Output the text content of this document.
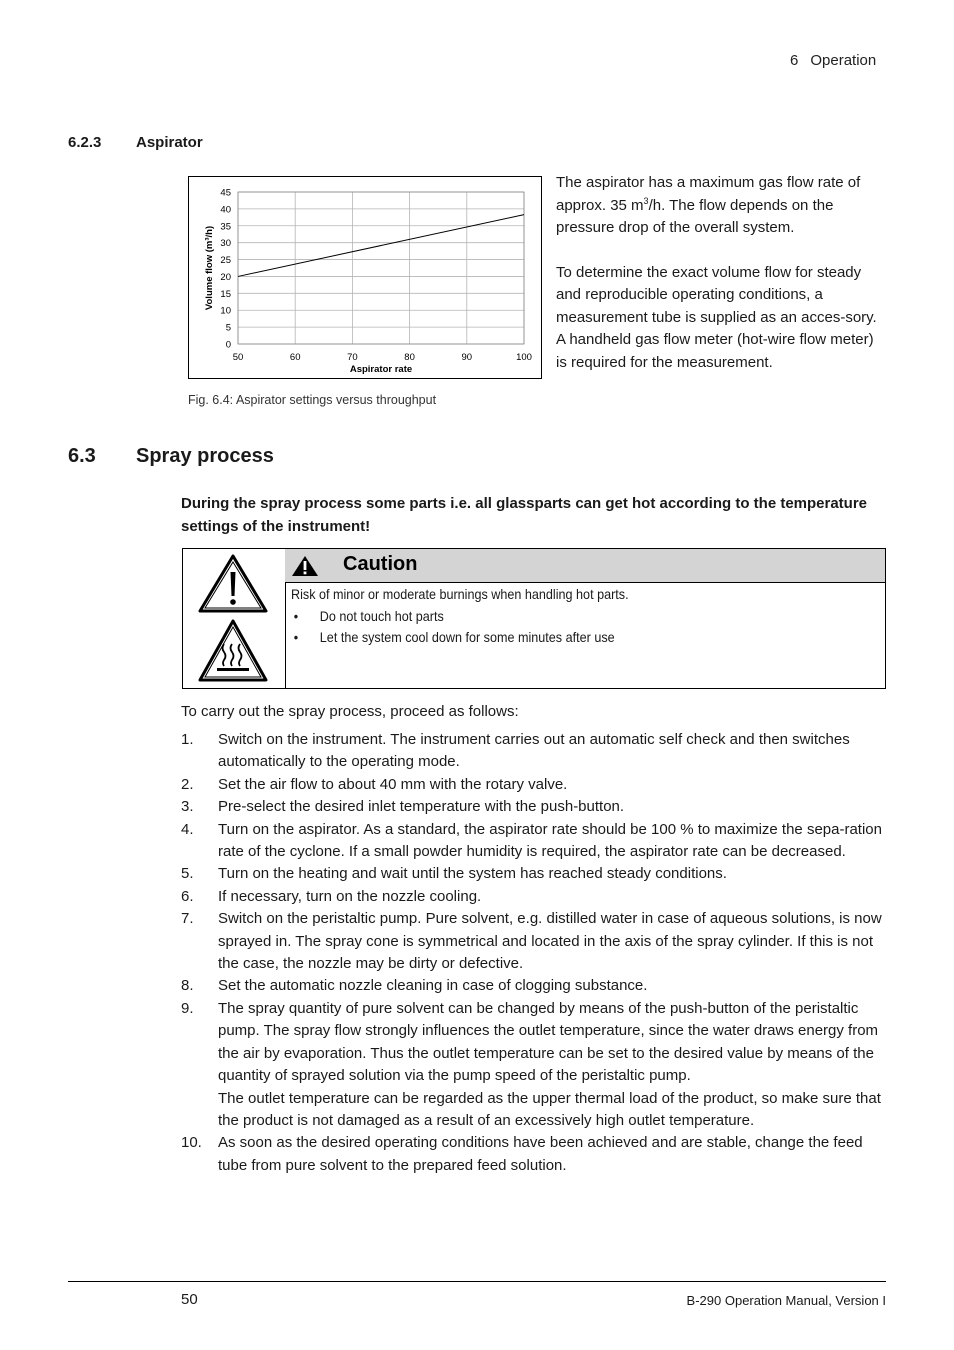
6 Operation
6.2.3 Aspirator
0
5
10
15
20
25
30
35
40
45
50	60	70	80	90	100
Aspirator rate
Volume flow (m³/h)
Fig. 6.4: Aspirator settings versus throughput

The aspirator has a maximum gas flow rate of approx. 35 $m^3/h$. The flow depends on the pressure drop of the overall system.

To determine the exact volume flow for steady and reproducible operating conditions, a measurement tube is supplied as an acces-sory. A handheld gas flow meter (hot-wire flow meter) is required for the measurement.

6.3 Spray process
During the spray process some parts i.e. all glassparts can get hot according to the temperature settings of the instrument!
Caution

Risk of minor or moderate burnings when handling hot parts.

• Do not touch hot parts
• Let the system cool down for some minutes after use
To carry out the spray process, proceed as follows:
1. Switch on the instrument. The instrument carries out an automatic self check and then switches automatically to the operating mode.
2. Set the air flow to about 40 mm with the rotary valve.
3. Pre-select the desired inlet temperature with the push-button.
4. Turn on the aspirator. As a standard, the aspirator rate should be 100 % to maximize the sepa-ration rate of the cyclone. If a small powder humidity is required, the aspirator rate can be decreased.
5. Turn on the heating and wait until the system has reached steady conditions.
6. If necessary, turn on the nozzle cooling.
7. Switch on the peristaltic pump. Pure solvent, e.g. distilled water in case of aqueous solutions, is now sprayed in. The spray cone is symmetrical and located in the axis of the spray cylinder. If this is not the case, the nozzle may be dirty or defective.
8. Set the automatic nozzle cleaning in case of clogging substance.
9. The spray quantity of pure solvent can be changed by means of the push-button of the peristaltic pump. The spray flow strongly influences the outlet temperature, since the water draws energy from the air by evaporation. Thus the outlet temperature can be set to the desired value by means of the quantity of sprayed solution via the pump speed of the peristaltic pump.
The outlet temperature can be regarded as the upper thermal load of the product, so make sure that the product is not damaged as a result of an excessively high outlet temperature.
10. As soon as the desired operating conditions have been achieved and are stable, change the feed tube from pure solvent to the prepared feed solution.
50	B-290 Operation Manual, Version I
